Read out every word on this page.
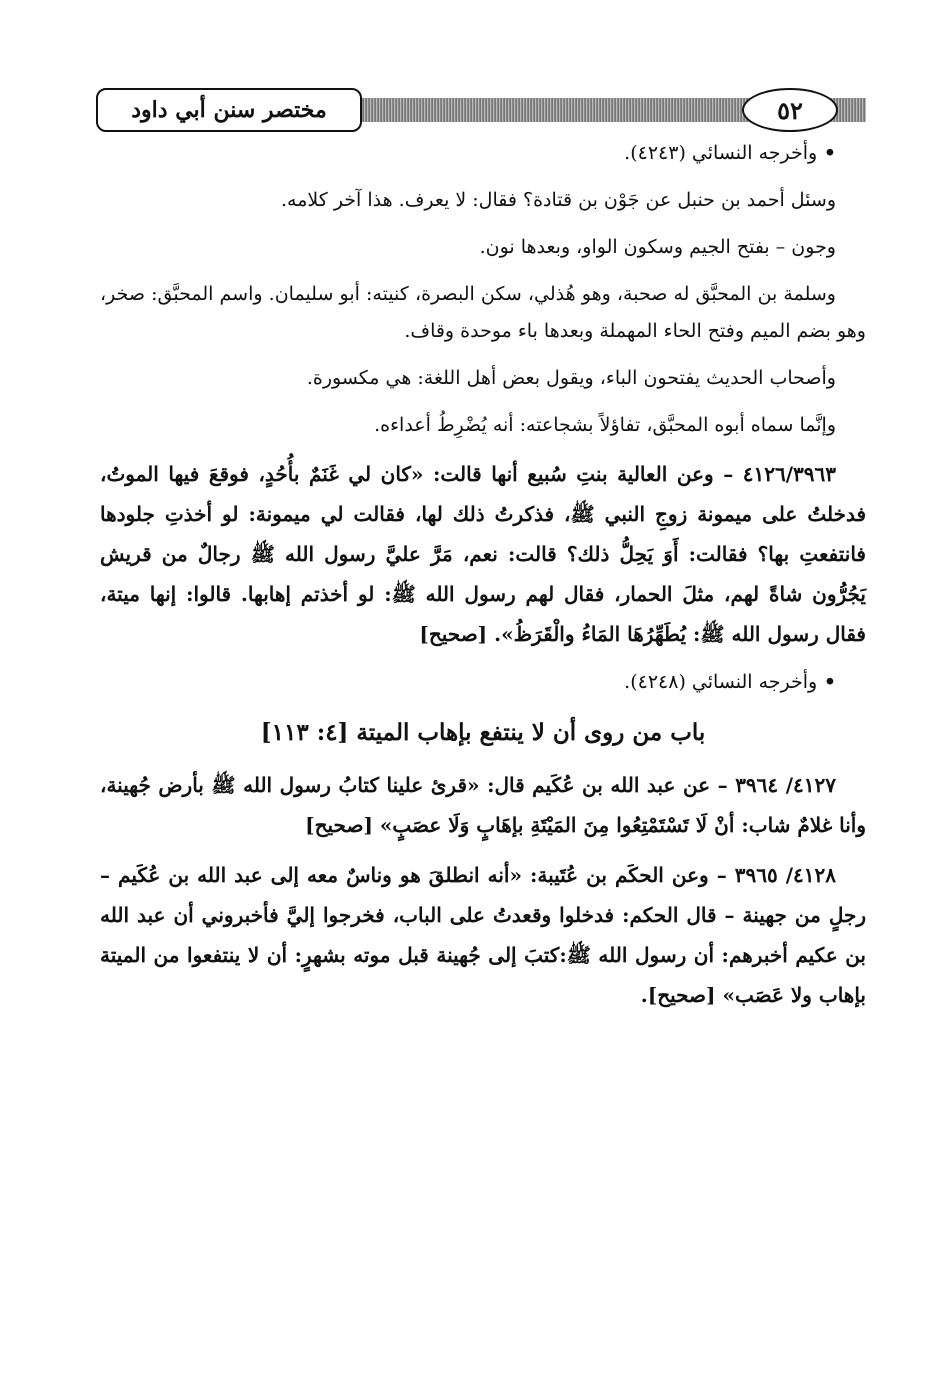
مختصر سنن أبي داود	٥٢

• وأخرجه النسائي (٤٢٤٣).

وسئل أحمد بن حنبل عن جَوْن بن قتادة؟ فقال: لا يعرف. هذا آخر كلامه.

وجون – بفتح الجيم وسكون الواو، وبعدها نون.

وسلمة بن المحبَّق له صحبة، وهو هُذلي، سكن البصرة، كنيته: أبو سليمان. واسم المحبَّق: صخر، وهو بضم الميم وفتح الحاء المهملة وبعدها باء موحدة وقاف.

وأصحاب الحديث يفتحون الباء، ويقول بعض أهل اللغة: هي مكسورة.

وإنَّما سماه أبوه المحبَّق، تفاؤلاً بشجاعته: أنه يُضْرِطُ أعداءه.

٤١٢٦/٣٩٦٣ – وعن العالية بنتِ سُبيع أنها قالت: «كان لي غَنَمٌ بأُحُدٍ، فوقعَ فيها الموتُ، فدخلتُ على ميمونة زوجِ النبي ﷺ، فذكرتُ ذلك لها، فقالت لي ميمونة: لو أخذتِ جلودها فانتفعتِ بها؟ فقالت: أَوَ يَحِلُّ ذلك؟ قالت: نعم، مَرَّ عليَّ رسول الله ﷺ رجالٌ من قريش يَجُرُّون شاةً لهم، مثلَ الحمار، فقال لهم رسول الله ﷺ: لو أخذتم إهابها. قالوا: إنها ميتة، فقال رسول الله ﷺ: يُطَهِّرُهَا المَاءُ والْقَرَظُ». [صحيح]

• وأخرجه النسائي (٤٢٤٨).

باب من روى أن لا ينتفع بإهاب الميتة [٤: ١١٣]

٤١٢٧/ ٣٩٦٤ – عن عبد الله بن عُكَيم قال: «قرئ علينا كتابُ رسول الله ﷺ بأرض جُهينة، وأنا غلامٌ شاب: أنْ لَا تَسْتَمْتِعُوا مِنَ المَيْتَةِ بإهَابٍ وَلَا عصَبٍ» [صحيح]

٤١٢٨/ ٣٩٦٥ – وعن الحكَم بن عُتَيبة: «أنه انطلقَ هو وناسٌ معه إلى عبد الله بن عُكَيم – رجلٍ من جهينة – قال الحكم: فدخلوا وقعدتُ على الباب، فخرجوا إليَّ فأخبروني أن عبد الله بن عكيم أخبرهم: أن رسول الله ﷺ:كتبَ إلى جُهينة قبل موته بشهرٍ: أن لا ينتفعوا من الميتة بإهاب ولا عَصَب» [صحيح].
